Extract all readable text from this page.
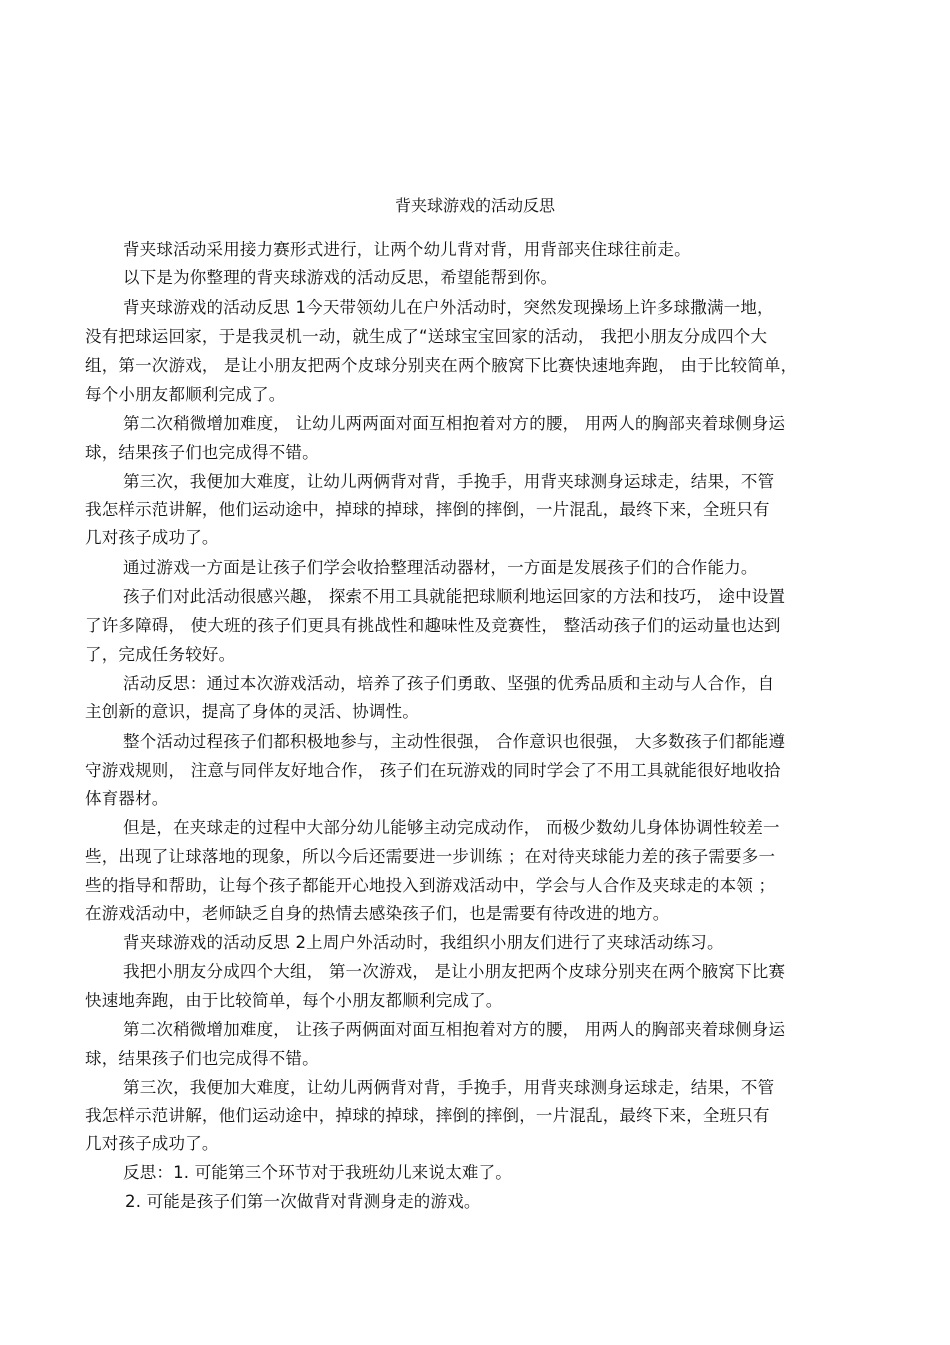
背夹球游戏的活动反思
背夹球活动采用接力赛形式进行，让两个幼儿背对背，用背部夹住球往前走。
以下是为你整理的背夹球游戏的活动反思，希望能帮到你。
背夹球游戏的活动反思 1今天带领幼儿在户外活动时，突然发现操场上许多球撒满一地，
没有把球运回家，于是我灵机一动，就生成了“送球宝宝回家的活动， 我把小朋友分成四个大
组，第一次游戏， 是让小朋友把两个皮球分别夹在两个腋窝下比赛快速地奔跑， 由于比较简单，
每个小朋友都顺利完成了。
第二次稍微增加难度， 让幼儿两两面对面互相抱着对方的腰， 用两人的胸部夹着球侧身运
球，结果孩子们也完成得不错。
第三次，我便加大难度，让幼儿两俩背对背，手挽手，用背夹球测身运球走，结果，不管
我怎样示范讲解，他们运动途中，掉球的掉球，摔倒的摔倒，一片混乱，最终下来，全班只有
几对孩子成功了。
通过游戏一方面是让孩子们学会收拾整理活动器材，一方面是发展孩子们的合作能力。
孩子们对此活动很感兴趣， 探索不用工具就能把球顺利地运回家的方法和技巧， 途中设置
了许多障碍， 使大班的孩子们更具有挑战性和趣味性及竞赛性， 整活动孩子们的运动量也达到
了，完成任务较好。
活动反思：通过本次游戏活动，培养了孩子们勇敢、坚强的优秀品质和主动与人合作，自
主创新的意识，提高了身体的灵活、协调性。
整个活动过程孩子们都积极地参与，主动性很强， 合作意识也很强， 大多数孩子们都能遵
守游戏规则， 注意与同伴友好地合作， 孩子们在玩游戏的同时学会了不用工具就能很好地收拾
体育器材。
但是，在夹球走的过程中大部分幼儿能够主动完成动作， 而极少数幼儿身体协调性较差一
些，出现了让球落地的现象，所以今后还需要进一步训练 ；在对待夹球能力差的孩子需要多一
些的指导和帮助，让每个孩子都能开心地投入到游戏活动中，学会与人合作及夹球走的本领 ；
在游戏活动中，老师缺乏自身的热情去感染孩子们，也是需要有待改进的地方。
背夹球游戏的活动反思 2上周户外活动时，我组织小朋友们进行了夹球活动练习。
我把小朋友分成四个大组， 第一次游戏， 是让小朋友把两个皮球分别夹在两个腋窝下比赛
快速地奔跑，由于比较简单，每个小朋友都顺利完成了。
第二次稍微增加难度， 让孩子两俩面对面互相抱着对方的腰， 用两人的胸部夹着球侧身运
球，结果孩子们也完成得不错。
第三次，我便加大难度，让幼儿两俩背对背，手挽手，用背夹球测身运球走，结果，不管
我怎样示范讲解，他们运动途中，掉球的掉球，摔倒的摔倒，一片混乱，最终下来，全班只有
几对孩子成功了。
反思：1. 可能第三个环节对于我班幼儿来说太难了。
2. 可能是孩子们第一次做背对背测身走的游戏。
